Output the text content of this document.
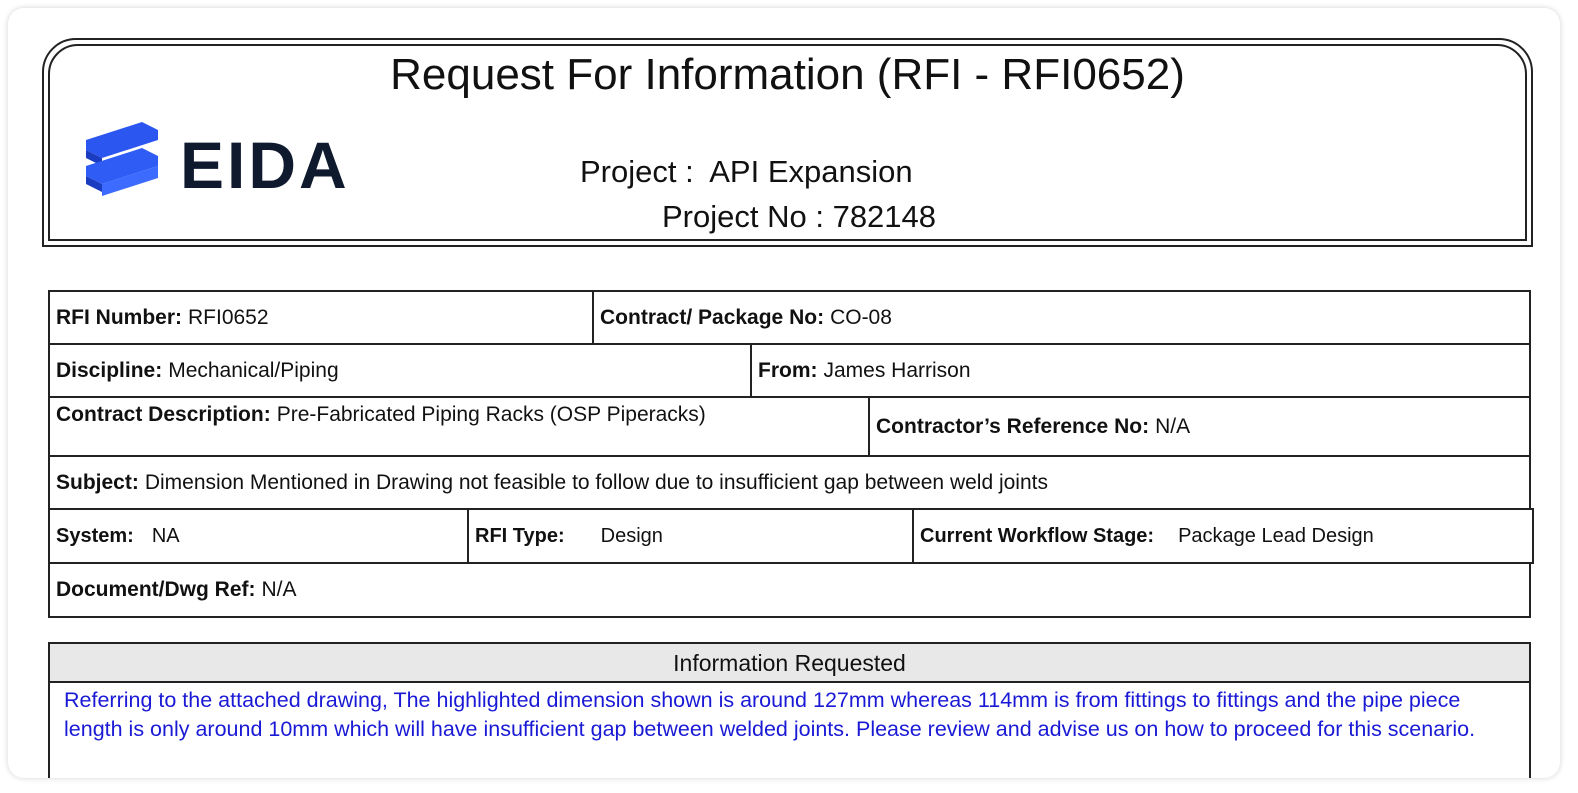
Request For Information (RFI - RFI0652)
EIDA	Project : API Expansion
Project No : 782148
RFI Number: RFI0652	Contract/ Package No: CO-08
Discipline: Mechanical/Piping	From: James Harrison
Contract Description: Pre-Fabricated Piping Racks (OSP Piperacks)	Contractor’s Reference No: N/A
Subject: Dimension Mentioned in Drawing not feasible to follow due to insufficient gap between weld joints
System: NA	RFI Type: Design	Current Workflow Stage: Package Lead Design
Document/Dwg Ref: N/A
Information Requested
Referring to the attached drawing, The highlighted dimension shown is around 127mm whereas 114mm is from fittings to fittings and the pipe piece length is only around 10mm which will have insufficient gap between welded joints. Please review and advise us on how to proceed for this scenario.
